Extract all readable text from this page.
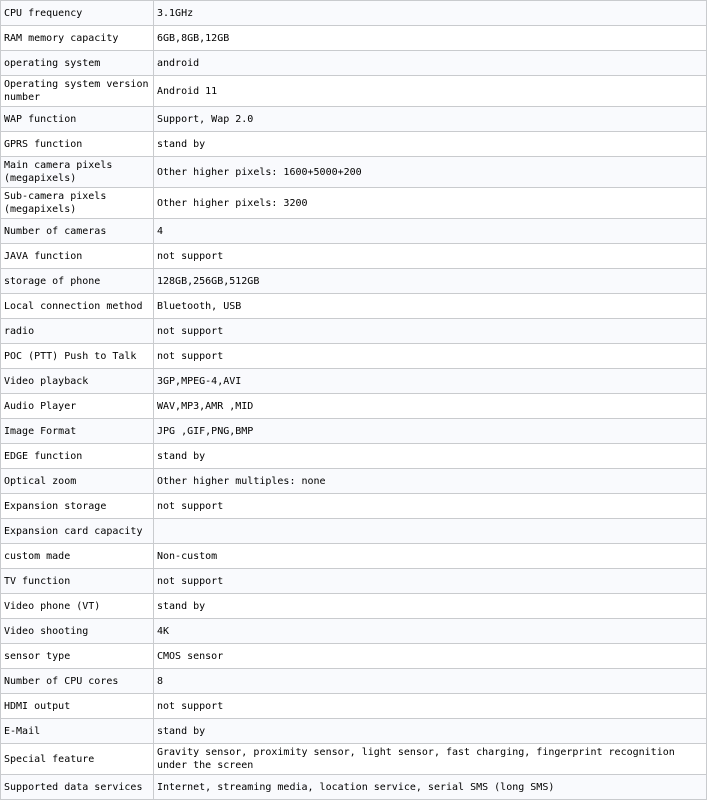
CPU frequency	3.1GHz
RAM memory capacity	6GB,8GB,12GB
operating system	android
Operating system version number	Android 11
WAP function	Support, Wap 2.0
GPRS function	stand by
Main camera pixels (megapixels)	Other higher pixels: 1600+5000+200
Sub-camera pixels (megapixels)	Other higher pixels: 3200
Number of cameras	4
JAVA function	not support
storage of phone	128GB,256GB,512GB
Local connection method	Bluetooth, USB
radio	not support
POC (PTT) Push to Talk	not support
Video playback	3GP,MPEG-4,AVI
Audio Player	WAV,MP3,AMR ,MID
Image Format	JPG ,GIF,PNG,BMP
EDGE function	stand by
Optical zoom	Other higher multiples: none
Expansion storage	not support
Expansion card capacity	
custom made	Non-custom
TV function	not support
Video phone (VT)	stand by
Video shooting	4K
sensor type	CMOS sensor
Number of CPU cores	8
HDMI output	not support
E-Mail	stand by
Special feature	Gravity sensor, proximity sensor, light sensor, fast charging, fingerprint recognition under the screen
Supported data services	Internet, streaming media, location service, serial SMS (long SMS)
